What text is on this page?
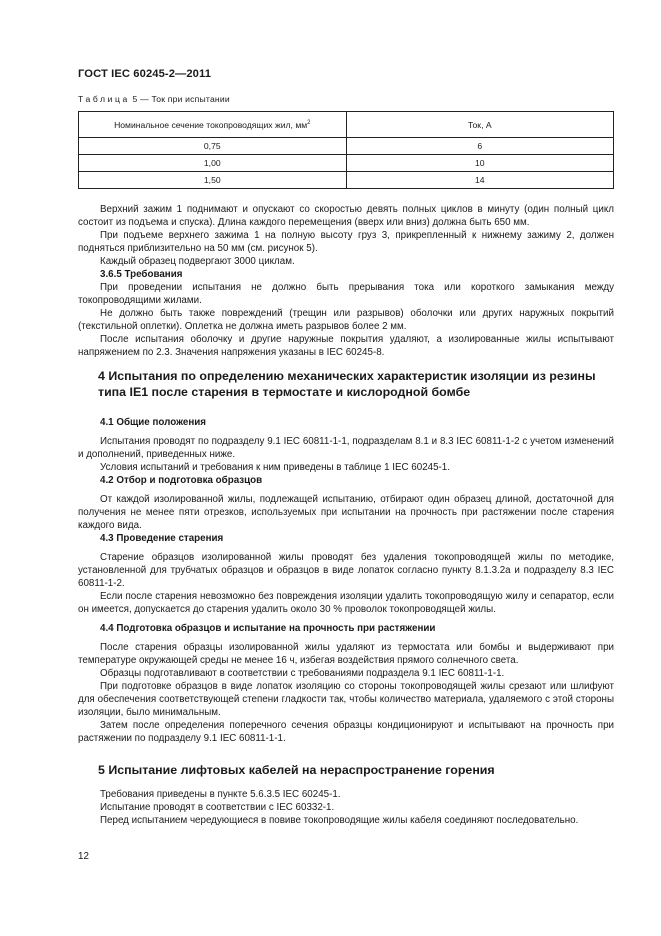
ГОСТ IEC 60245-2—2011
Таблица 5 — Ток при испытании
Номинальное сечение токопроводящих жил, $мм^2$	Ток, А
0,75	6
1,00	10
1,50	14

Верхний зажим 1 поднимают и опускают со скоростью девять полных циклов в минуту (один полный цикл состоит из подъема и спуска). Длина каждого перемещения (вверх или вниз) должна быть 650 мм.

При подъеме верхнего зажима 1 на полную высоту груз 3, прикрепленный к нижнему зажиму 2, должен подняться приблизительно на 50 мм (см. рисунок 5).

Каждый образец подвергают 3000 циклам.

3.6.5 Требования

При проведении испытания не должно быть прерывания тока или короткого замыкания между токопроводящими жилами.

Не должно быть также повреждений (трещин или разрывов) оболочки или других наружных покрытий (текстильной оплетки). Оплетка не должна иметь разрывов более 2 мм.

После испытания оболочку и другие наружные покрытия удаляют, а изолированные жилы испытывают напряжением по 2.3. Значения напряжения указаны в IEC 60245-8.

4 Испытания по определению механических характеристик изоляции из резины типа IE1 после старения в термостате и кислородной бомбе

4.1 Общие положения

Испытания проводят по подразделу 9.1 IEC 60811-1-1, подразделам 8.1 и 8.3 IEC 60811-1-2 с учетом изменений и дополнений, приведенных ниже.

Условия испытаний и требования к ним приведены в таблице 1 IEC 60245-1.

4.2 Отбор и подготовка образцов

От каждой изолированной жилы, подлежащей испытанию, отбирают один образец длиной, достаточной для получения не менее пяти отрезков, используемых при испытании на прочность при растяжении после старения каждого вида.

4.3 Проведение старения

Старение образцов изолированной жилы проводят без удаления токопроводящей жилы по методике, установленной для трубчатых образцов и образцов в виде лопаток согласно пункту 8.1.3.2а и подразделу 8.3 IEC 60811-1-2.

Если после старения невозможно без повреждения изоляции удалить токопроводящую жилу и сепаратор, если он имеется, допускается до старения удалить около 30 % проволок токопроводящей жилы.

4.4 Подготовка образцов и испытание на прочность при растяжении

После старения образцы изолированной жилы удаляют из термостата или бомбы и выдерживают при температуре окружающей среды не менее 16 ч, избегая воздействия прямого солнечного света.

Образцы подготавливают в соответствии с требованиями подраздела 9.1 IEC 60811-1-1.

При подготовке образцов в виде лопаток изоляцию со стороны токопроводящей жилы срезают или шлифуют для обеспечения соответствующей степени гладкости так, чтобы количество материала, удаляемого с этой стороны изоляции, было минимальным.

Затем после определения поперечного сечения образцы кондиционируют и испытывают на прочность при растяжении по подразделу 9.1 IEC 60811-1-1.

5 Испытание лифтовых кабелей на нераспространение горения

Требования приведены в пункте 5.6.3.5 IEC 60245-1.

Испытание проводят в соответствии с IEC 60332-1.

Перед испытанием чередующиеся в повиве токопроводящие жилы кабеля соединяют последовательно.

12
